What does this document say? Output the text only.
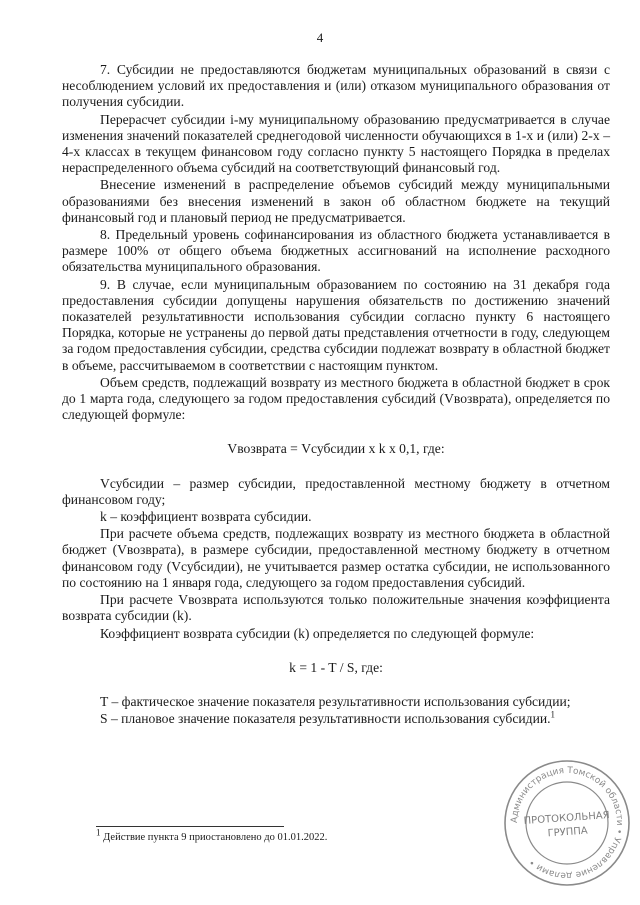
4

7. Субсидии не предоставляются бюджетам муниципальных образований в связи с несоблюдением условий их предоставления и (или) отказом муниципального образования от получения субсидии.

Перерасчет субсидии i-му муниципальному образованию предусматривается в случае изменения значений показателей среднегодовой численности обучающихся в 1-х и (или) 2-х – 4-х классах в текущем финансовом году согласно пункту 5 настоящего Порядка в пределах нераспределенного объема субсидий на соответствующий финансовый год.

Внесение изменений в распределение объемов субсидий между муниципальными образованиями без внесения изменений в закон об областном бюджете на текущий финансовый год и плановый период не предусматривается.

8. Предельный уровень софинансирования из областного бюджета устанавливается в размере 100% от общего объема бюджетных ассигнований на исполнение расходного обязательства муниципального образования.

9. В случае, если муниципальным образованием по состоянию на 31 декабря года предоставления субсидии допущены нарушения обязательств по достижению значений показателей результативности использования субсидии согласно пункту 6 настоящего Порядка, которые не устранены до первой даты представления отчетности в году, следующем за годом предоставления субсидии, средства субсидии подлежат возврату в областной бюджет в объеме, рассчитываемом в соответствии с настоящим пунктом.

Объем средств, подлежащий возврату из местного бюджета в областной бюджет в срок до 1 марта года, следующего за годом предоставления субсидий (Vвозврата), определяется по следующей формуле:

Vвозврата = Vсубсидии x k x 0,1, где:

Vсубсидии – размер субсидии, предоставленной местному бюджету в отчетном финансовом году;

k – коэффициент возврата субсидии.

При расчете объема средств, подлежащих возврату из местного бюджета в областной бюджет (Vвозврата), в размере субсидии, предоставленной местному бюджету в отчетном финансовом году (Vсубсидии), не учитывается размер остатка субсидии, не использованного по состоянию на 1 января года, следующего за годом предоставления субсидий.

При расчете Vвозврата используются только положительные значения коэффициента возврата субсидии (k).

Коэффициент возврата субсидии (k) определяется по следующей формуле:

k = 1 - T / S, где:

T – фактическое значение показателя результативности использования субсидии;

S – плановое значение показателя результативности использования субсидии.$^1$

$^1$ Действие пункта 9 приостановлено до 01.01.2022.
Администрация Томской области • Управление делами •
ПРОТОКОЛЬНАЯ
ГРУППА
